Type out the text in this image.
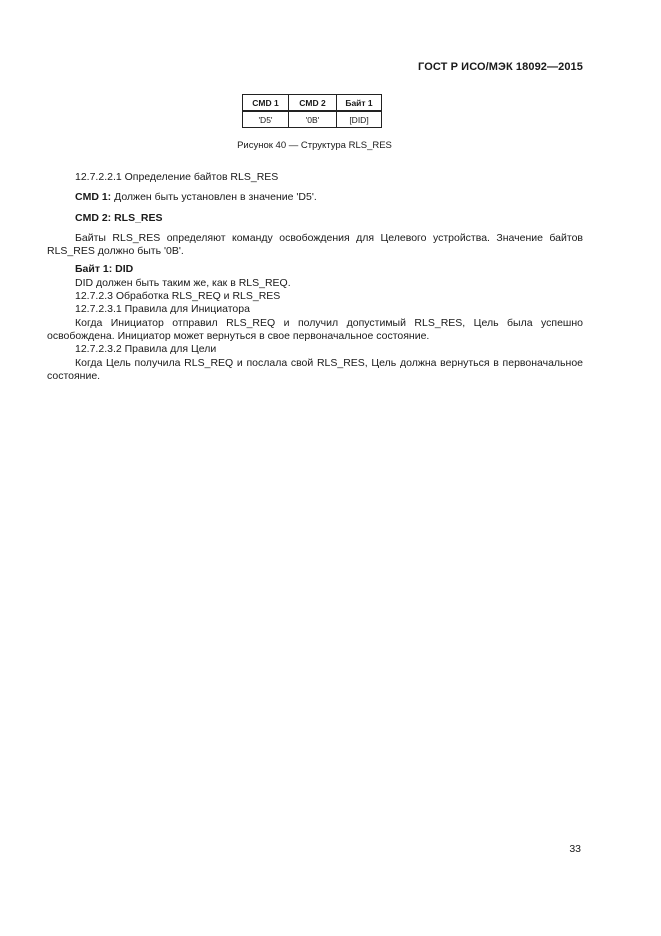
ГОСТ Р ИСО/МЭК 18092—2015
CMD 1	CMD 2	Байт 1
'D5'	'0B'	[DID]
Рисунок 40 — Структура RLS_RES

12.7.2.2.1 Определение байтов RLS_RES

CMD 1: Должен быть установлен в значение 'D5'.

CMD 2: RLS_RES

Байты RLS_RES определяют команду освобождения для Целевого устройства. Значение байтов RLS_RES должно быть '0B'.

Байт 1: DID

DID должен быть таким же, как в RLS_REQ.

12.7.2.3 Обработка RLS_REQ и RLS_RES

12.7.2.3.1 Правила для Инициатора

Когда Инициатор отправил RLS_REQ и получил допустимый RLS_RES, Цель была успешно освобождена. Инициатор может вернуться в свое первоначальное состояние.

12.7.2.3.2 Правила для Цели

Когда Цель получила RLS_REQ и послала свой RLS_RES, Цель должна вернуться в первоначальное состояние.

33
